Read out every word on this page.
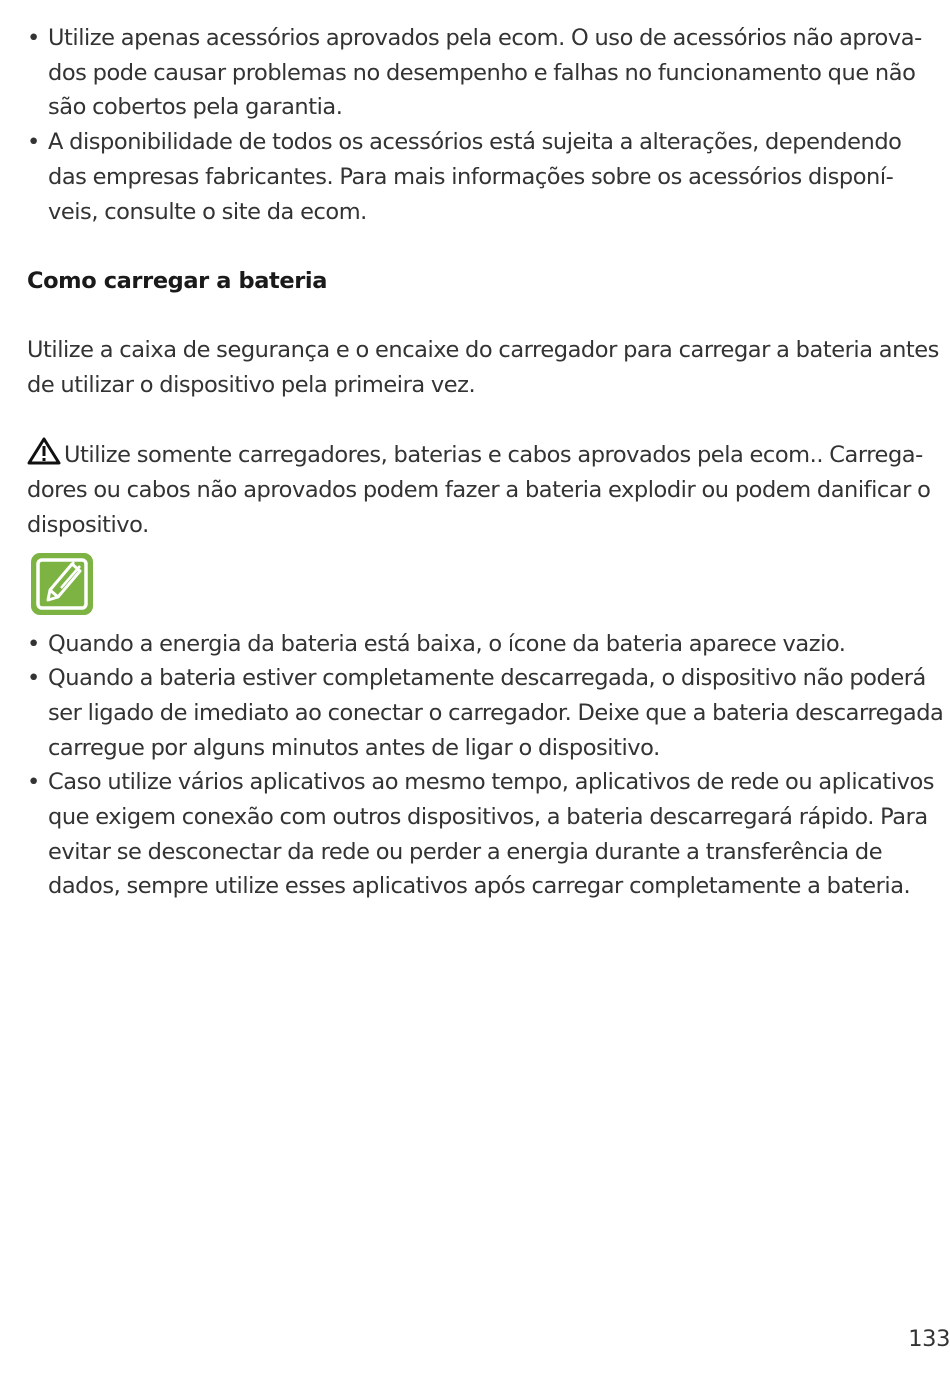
• Utilize apenas acessórios aprovados pela ecom. O uso de acessórios não aprova-
dos pode causar problemas no desempenho e falhas no funcionamento que não
são cobertos pela garantia.
• A disponibilidade de todos os acessórios está sujeita a alterações, dependendo
das empresas fabricantes. Para mais informações sobre os acessórios disponí-
veis, consulte o site da ecom.
Como carregar a bateria

Utilize a caixa de segurança e o encaixe do carregador para carregar a bateria antes
de utilizar o dispositivo pela primeira vez.

Utilize somente carregadores, baterias e cabos aprovados pela ecom.. Carrega-
dores ou cabos não aprovados podem fazer a bateria explodir ou podem danificar o
dispositivo.

• Quando a energia da bateria está baixa, o ícone da bateria aparece vazio.
• Quando a bateria estiver completamente descarregada, o dispositivo não poderá
ser ligado de imediato ao conectar o carregador. Deixe que a bateria descarregada
carregue por alguns minutos antes de ligar o dispositivo.
• Caso utilize vários aplicativos ao mesmo tempo, aplicativos de rede ou aplicativos
que exigem conexão com outros dispositivos, a bateria descarregará rápido. Para
evitar se desconectar da rede ou perder a energia durante a transferência de
dados, sempre utilize esses aplicativos após carregar completamente a bateria.
133
